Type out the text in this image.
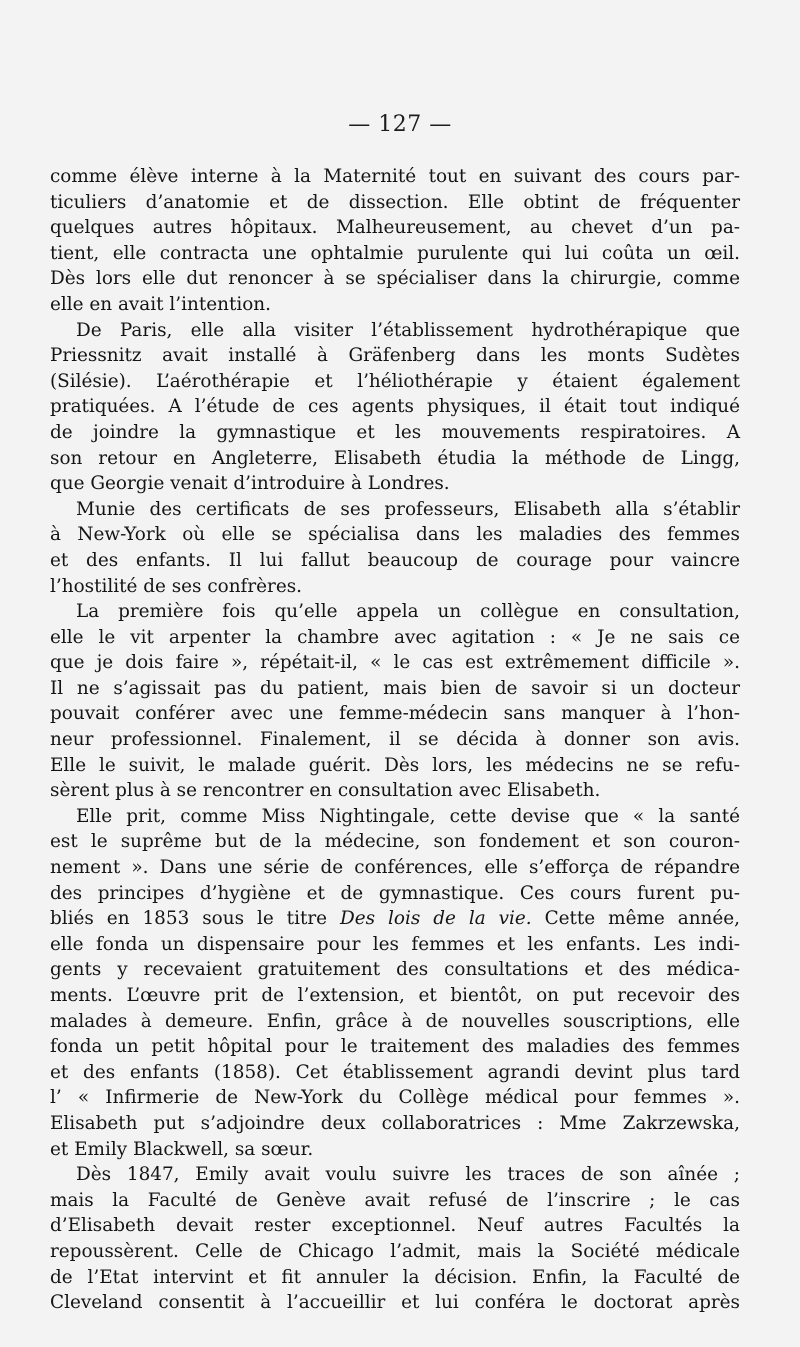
— 127 —
comme élève interne à la Maternité tout en suivant des cours par-
ticuliers d’anatomie et de dissection. Elle obtint de fréquenter
quelques autres hôpitaux. Malheureusement, au chevet d’un pa-
tient, elle contracta une ophtalmie purulente qui lui coûta un œil.
Dès lors elle dut renoncer à se spécialiser dans la chirurgie, comme
elle en avait l’intention.
De Paris, elle alla visiter l’établissement hydrothérapique que
Priessnitz avait installé à Gräfenberg dans les monts Sudètes
(Silésie). L’aérothérapie et l’héliothérapie y étaient également
pratiquées. A l’étude de ces agents physiques, il était tout indiqué
de joindre la gymnastique et les mouvements respiratoires. A
son retour en Angleterre, Elisabeth étudia la méthode de Lingg,
que Georgie venait d’introduire à Londres.
Munie des certificats de ses professeurs, Elisabeth alla s’établir
à New-York où elle se spécialisa dans les maladies des femmes
et des enfants. Il lui fallut beaucoup de courage pour vaincre
l’hostilité de ses confrères.
La première fois qu’elle appela un collègue en consultation,
elle le vit arpenter la chambre avec agitation : « Je ne sais ce
que je dois faire », répétait-il, « le cas est extrêmement difficile ».
Il ne s’agissait pas du patient, mais bien de savoir si un docteur
pouvait conférer avec une femme-médecin sans manquer à l’hon-
neur professionnel. Finalement, il se décida à donner son avis.
Elle le suivit, le malade guérit. Dès lors, les médecins ne se refu-
sèrent plus à se rencontrer en consultation avec Elisabeth.
Elle prit, comme Miss Nightingale, cette devise que « la santé
est le suprême but de la médecine, son fondement et son couron-
nement ». Dans une série de conférences, elle s’efforça de répandre
des principes d’hygiène et de gymnastique. Ces cours furent pu-
bliés en 1853 sous le titre Des lois de la vie. Cette même année,
elle fonda un dispensaire pour les femmes et les enfants. Les indi-
gents y recevaient gratuitement des consultations et des médica-
ments. L’œuvre prit de l’extension, et bientôt, on put recevoir des
malades à demeure. Enfin, grâce à de nouvelles souscriptions, elle
fonda un petit hôpital pour le traitement des maladies des femmes
et des enfants (1858). Cet établissement agrandi devint plus tard
l’ « Infirmerie de New-York du Collège médical pour femmes ».
Elisabeth put s’adjoindre deux collaboratrices : Mme Zakrzewska,
et Emily Blackwell, sa sœur.
Dès 1847, Emily avait voulu suivre les traces de son aînée ;
mais la Faculté de Genève avait refusé de l’inscrire ; le cas
d’Elisabeth devait rester exceptionnel. Neuf autres Facultés la
repoussèrent. Celle de Chicago l’admit, mais la Société médicale
de l’Etat intervint et fit annuler la décision. Enfin, la Faculté de
Cleveland consentit à l’accueillir et lui conféra le doctorat après
